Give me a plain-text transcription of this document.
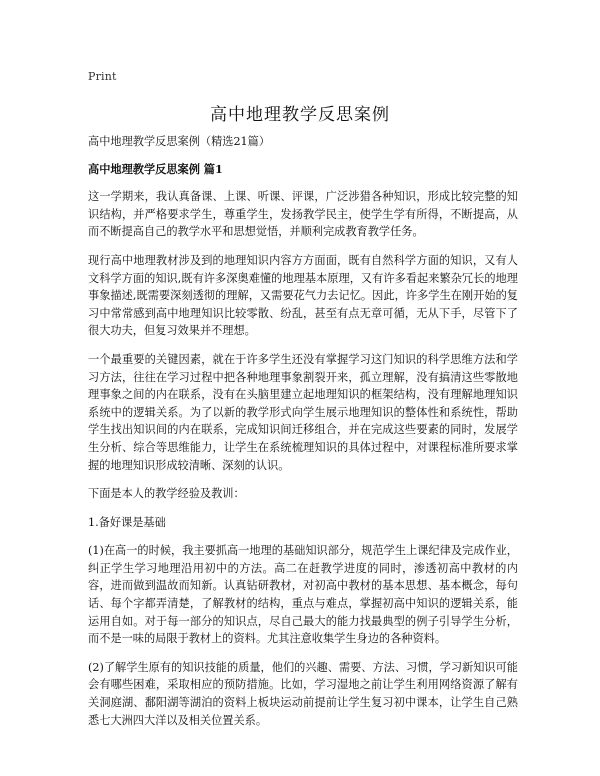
Print
高中地理教学反思案例

高中地理教学反思案例（精选21篇）

高中地理教学反思案例 篇1

这一学期来，我认真备课、上课、听课、评课，广泛涉猎各种知识，形成比较完整的知识结构，并严格要求学生，尊重学生，发扬教学民主，使学生学有所得，不断提高，从而不断提高自己的教学水平和思想觉悟，并顺利完成教育教学任务。

现行高中地理教材涉及到的地理知识内容方方面面，既有自然科学方面的知识，又有人文科学方面的知识,既有许多深奥难懂的地理基本原理，又有许多看起来繁杂冗长的地理事象描述,既需要深刻透彻的理解，又需要花气力去记忆。因此，许多学生在刚开始的复习中常常感到高中地理知识比较零散、纷乱，甚至有点无章可循，无从下手，尽管下了很大功夫，但复习效果并不理想。

一个最重要的关键因素，就在于许多学生还没有掌握学习这门知识的科学思维方法和学习方法，往往在学习过程中把各种地理事象割裂开来，孤立理解，没有搞清这些零散地理事象之间的内在联系，没有在头脑里建立起地理知识的框架结构，没有理解地理知识系统中的逻辑关系。为了以新的教学形式向学生展示地理知识的整体性和系统性，帮助学生找出知识间的内在联系，完成知识间迁移组合，并在完成这些要素的同时，发展学生分析、综合等思维能力，让学生在系统梳理知识的具体过程中，对课程标准所要求掌握的地理知识形成较清晰、深刻的认识。

下面是本人的教学经验及教训：

1.备好课是基础

(1)在高一的时候，我主要抓高一地理的基础知识部分，规范学生上课纪律及完成作业，纠正学生学习地理沿用初中的方法。高二在赶教学进度的同时，渗透初高中教材的内容，进而做到温故而知新。认真钻研教材，对初高中教材的基本思想、基本概念，每句话、每个字都弄清楚，了解教材的结构，重点与难点，掌握初高中知识的逻辑关系，能运用自如。对于每一部分的知识点，尽自己最大的能力找最典型的例子引导学生分析，而不是一味的局限于教材上的资料。尤其注意收集学生身边的各种资料。

(2)了解学生原有的知识技能的质量，他们的兴趣、需要、方法、习惯，学习新知识可能会有哪些困难，采取相应的预防措施。比如，学习湿地之前让学生利用网络资源了解有关洞庭湖、鄱阳湖等湖泊的资料上板块运动前提前让学生复习初中课本，让学生自己熟悉七大洲四大洋以及相关位置关系。
